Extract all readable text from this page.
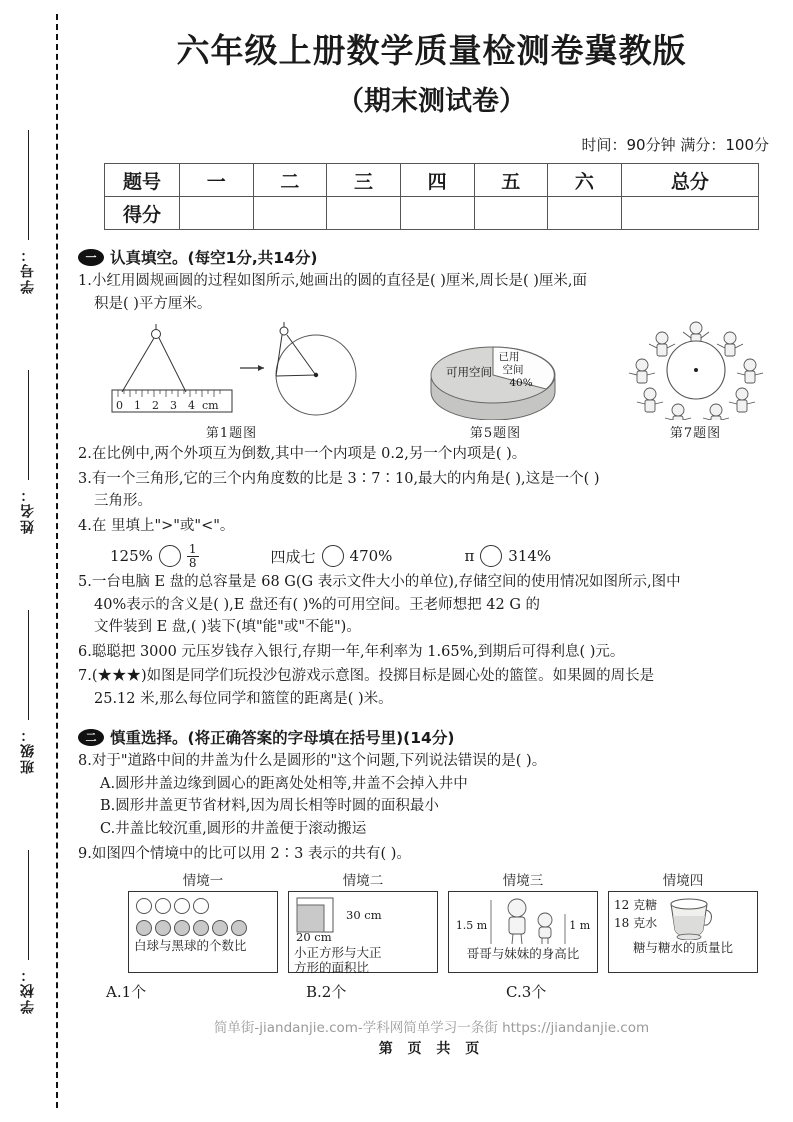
学号：
姓名：
班级：
学校：
六年级上册数学质量检测卷冀教版
（期末测试卷）
时间：90分钟 满分：100分
题号	一	二	三	四	五	六	总分
得分							
一 认真填空。(每空1分,共14分)
1.小红用圆规画圆的过程如图所示,她画出的圆的直径是( )厘米,周长是( )厘米,面
积是( )平方厘米。
0 1 2 3 4 cm
第1题图
可用空间
已用
空间
40%
第5题图	第7题图
2.在比例中,两个外项互为倒数,其中一个内项是 0.2,另一个内项是( )。
3.有一个三角形,它的三个内角度数的比是 3∶7∶10,最大的内角是( ),这是一个( )
三角形。
4.在 里填上">"或"<"。
125%	$\frac{1}{8}$	四成七 470%	π 314%
5.一台电脑 E 盘的总容量是 68 G(G 表示文件大小的单位),存储空间的使用情况如图所示,图中
40%表示的含义是( ),E 盘还有( )%的可用空间。王老师想把 42 G 的
文件装到 E 盘,( )装下(填"能"或"不能")。
6.聪聪把 3000 元压岁钱存入银行,存期一年,年利率为 1.65%,到期后可得利息( )元。
7.(★★★)如图是同学们玩投沙包游戏示意图。投掷目标是圆心处的篮筐。如果圆的周长是
25.12 米,那么每位同学和篮筐的距离是( )米。
二 慎重选择。(将正确答案的字母填在括号里)(14分)
8.对于"道路中间的井盖为什么是圆形的"这个问题,下列说法错误的是( )。
A.圆形井盖边缘到圆心的距离处处相等,井盖不会掉入井中
B.圆形井盖更节省材料,因为周长相等时圆的面积最小
C.井盖比较沉重,圆形的井盖便于滚动搬运
9.如图四个情境中的比可以用 2∶3 表示的共有( )。
情境一
白球与黑球的个数比
情境二
30 cm
20 cm
小正方形与大正
方形的面积比
情境三
1.5 m	1 m
哥哥与妹妹的身高比
情境四
12 克糖
18 克水
糖与糖水的质量比
A.1个	B.2个	C.3个
简单街-jiandanjie.com-学科网简单学习一条街 https://jiandanjie.com
第 页 共 页
